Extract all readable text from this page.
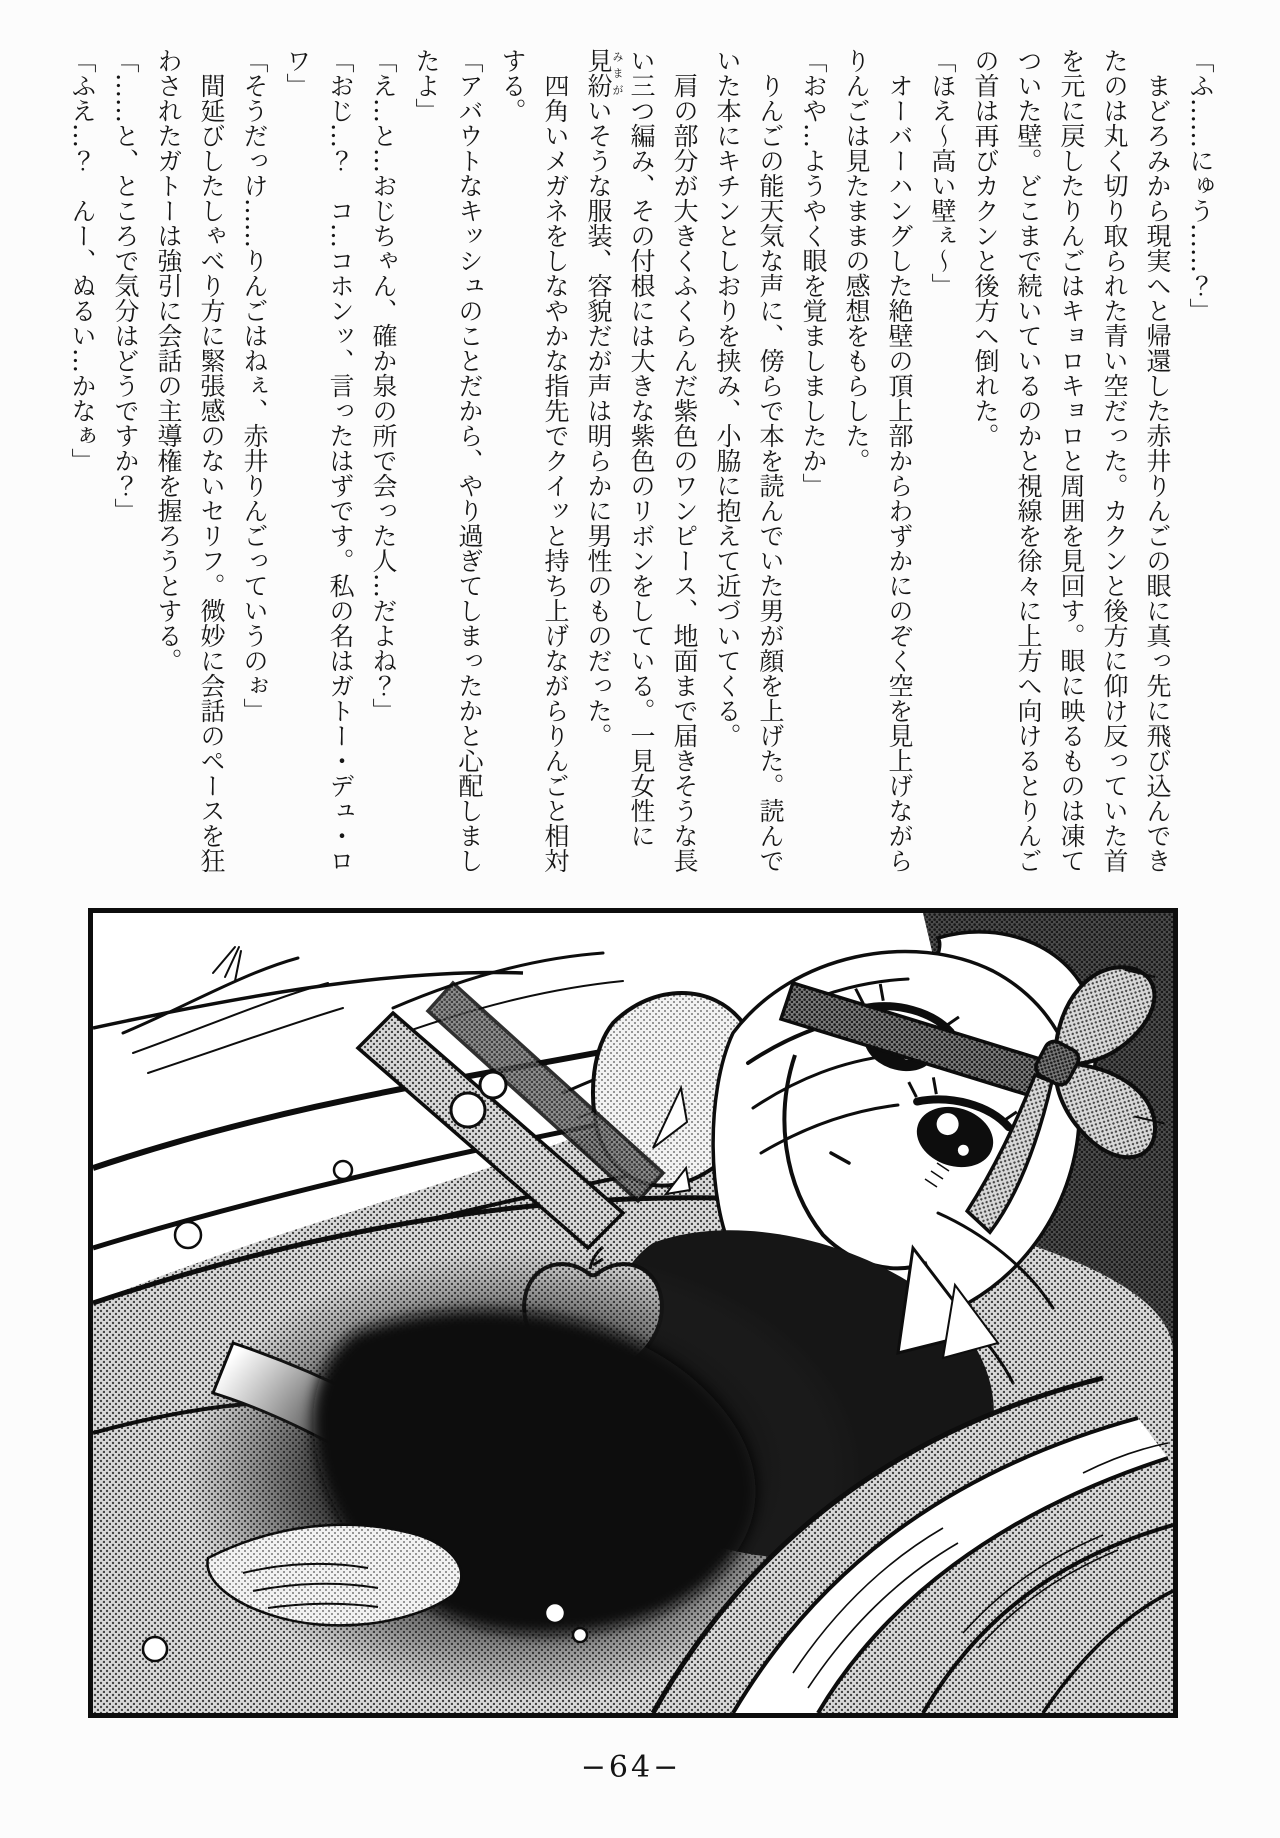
「ふ……にゅう……？」

まどろみから現実へと帰還した赤井りんごの眼に真っ先に飛び込んできたのは丸く切り取られた青い空だった。カクンと後方に仰け反っていた首を元に戻したりんごはキョロキョロと周囲を見回す。眼に映るものは凍てついた壁。どこまで続いているのかと視線を徐々に上方へ向けるとりんごの首は再びカクンと後方へ倒れた。

「ほえ～高い壁ぇ～」

オーバーハングした絶壁の頂上部からわずかにのぞく空を見上げながらりんごは見たままの感想をもらした。

「おや…ようやく眼を覚ましましたか」

りんごの能天気な声に、傍らで本を読んでいた男が顔を上げた。読んでいた本にキチンとしおりを挟み、小脇に抱えて近づいてくる。

肩の部分が大きくふくらんだ紫色のワンピース、地面まで届きそうな長い三つ編み、その付根には大きな紫色のリボンをしている。一見女性に見紛みまがいそうな服装、容貌だが声は明らかに男性のものだった。

四角いメガネをしなやかな指先でクイッと持ち上げながらりんごと相対する。

「アバウトなキッシュのことだから、やり過ぎてしまったかと心配しましたよ」

「え…と…おじちゃん、確か泉の所で会った人…だよね？」

「おじ…？　コ…コホンッ、言ったはずです。私の名はガトー・デュ・ロワ」

「そうだっけ……りんごはねぇ、赤井りんごっていうのぉ」

間延びしたしゃべり方に緊張感のないセリフ。微妙に会話のペースを狂わされたガトーは強引に会話の主導権を握ろうとする。

「……と、ところで気分はどうですか？」

「ふえ…？　んー、ぬるい…かなぁ」

−64−
